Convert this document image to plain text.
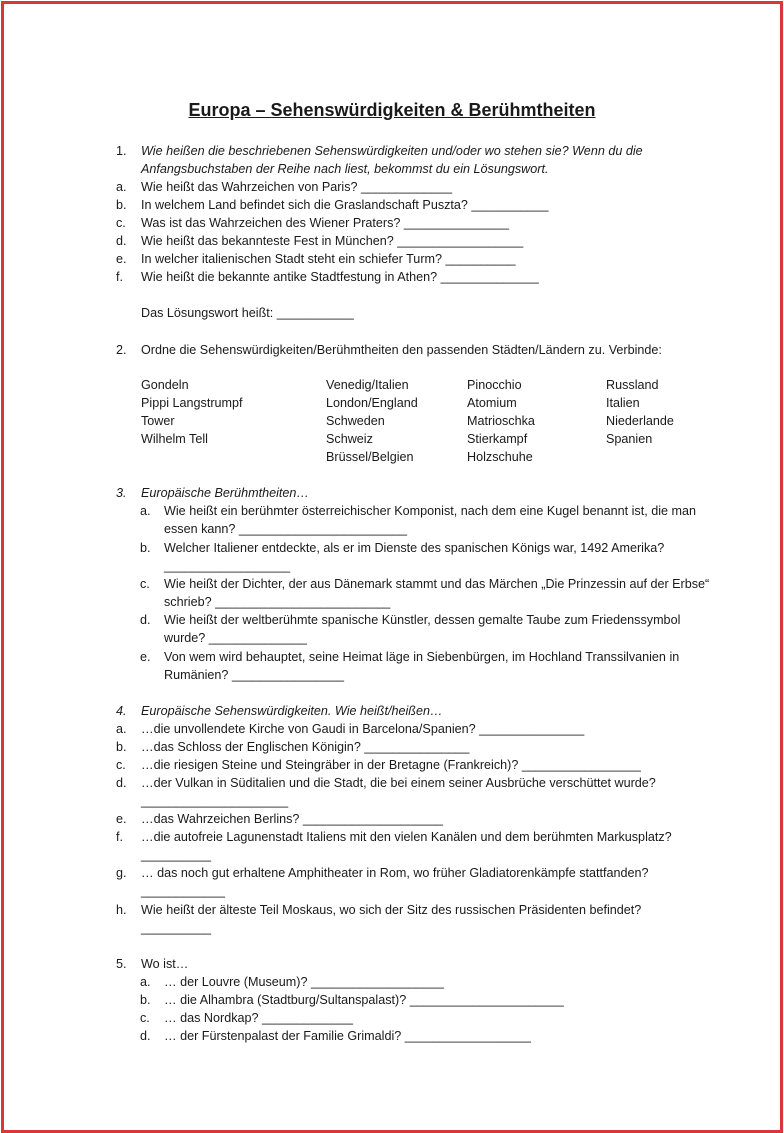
Europa – Sehenswürdigkeiten & Berühmtheiten
1. Wie heißen die beschriebenen Sehenswürdigkeiten und/oder wo stehen sie? Wenn du die
Anfangsbuchstaben der Reihe nach liest, bekommst du ein Lösungswort.
a. Wie heißt das Wahrzeichen von Paris? _____________
b. In welchem Land befindet sich die Graslandschaft Puszta? ___________
c. Was ist das Wahrzeichen des Wiener Praters? _______________
d. Wie heißt das bekannteste Fest in München? __________________
e. In welcher italienischen Stadt steht ein schiefer Turm? __________
f. Wie heißt die bekannte antike Stadtfestung in Athen? ______________
Das Lösungswort heißt: ___________
2. Ordne die Sehenswürdigkeiten/Berühmtheiten den passenden Städten/Ländern zu. Verbinde:
Gondeln
Pippi Langstrumpf
Tower
Wilhelm Tell
Venedig/Italien
London/England
Schweden
Schweiz
Brüssel/Belgien
Pinocchio
Atomium
Matrioschka
Stierkampf
Holzschuhe
Russland
Italien
Niederlande
Spanien
3. Europäische Berühmtheiten…
a. Wie heißt ein berühmter österreichischer Komponist, nach dem eine Kugel benannt ist, die man
essen kann? ________________________
b. Welcher Italiener entdeckte, als er im Dienste des spanischen Königs war, 1492 Amerika?
__________________
c. Wie heißt der Dichter, der aus Dänemark stammt und das Märchen „Die Prinzessin auf der Erbse“
schrieb? _________________________
d. Wie heißt der weltberühmte spanische Künstler, dessen gemalte Taube zum Friedenssymbol
wurde? ______________
e. Von wem wird behauptet, seine Heimat läge in Siebenbürgen, im Hochland Transsilvanien in
Rumänien? ________________
4. Europäische Sehenswürdigkeiten. Wie heißt/heißen…
a. …die unvollendete Kirche von Gaudi in Barcelona/Spanien? _______________
b. …das Schloss der Englischen Königin? _______________
c. …die riesigen Steine und Steingräber in der Bretagne (Frankreich)? _________________
d. …der Vulkan in Süditalien und die Stadt, die bei einem seiner Ausbrüche verschüttet wurde?
_____________________
e. …das Wahrzeichen Berlins? ____________________
f. …die autofreie Lagunenstadt Italiens mit den vielen Kanälen und dem berühmten Markusplatz?
__________
g. … das noch gut erhaltene Amphitheater in Rom, wo früher Gladiatorenkämpfe stattfanden?
____________
h. Wie heißt der älteste Teil Moskaus, wo sich der Sitz des russischen Präsidenten befindet?
__________
5. Wo ist…
a. … der Louvre (Museum)? ___________________
b. … die Alhambra (Stadtburg/Sultanspalast)? ______________________
c. … das Nordkap? _____________
d. … der Fürstenpalast der Familie Grimaldi? __________________
